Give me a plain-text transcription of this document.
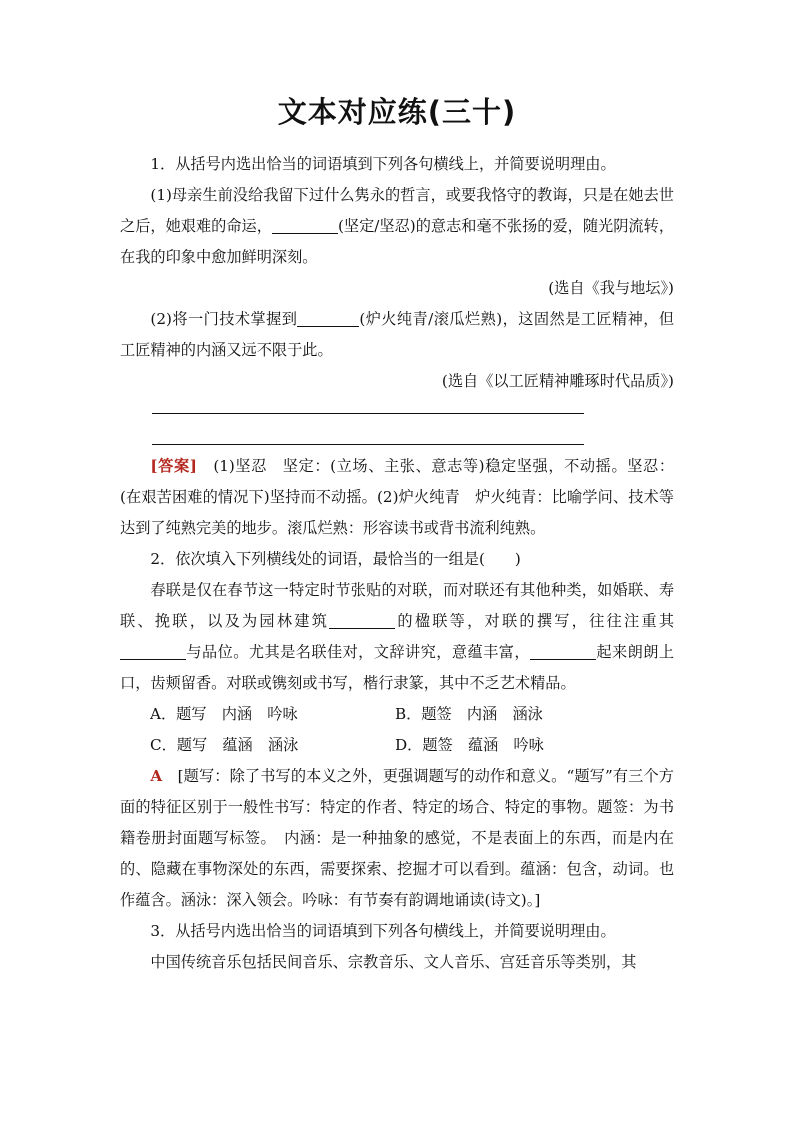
文本对应练(三十)

1．从括号内选出恰当的词语填到下列各句横线上，并简要说明理由。

(1)母亲生前没给我留下过什么隽永的哲言，或要我恪守的教诲，只是在她去世之后，她艰难的命运，	(坚定/坚忍)的意志和毫不张扬的爱，随光阴流转，在我的印象中愈加鲜明深刻。

(选自《我与地坛》)

(2)将一门技术掌握到	(炉火纯青/滚瓜烂熟)，这固然是工匠精神，但工匠精神的内涵又远不限于此。

(选自《以工匠精神雕琢时代品质》)

[答案]　(1)坚忍　坚定：(立场、主张、意志等)稳定坚强，不动摇。坚忍：(在艰苦困难的情况下)坚持而不动摇。(2)炉火纯青　炉火纯青：比喻学问、技术等达到了纯熟完美的地步。滚瓜烂熟：形容读书或背书流利纯熟。

2．依次填入下列横线处的词语，最恰当的一组是( )

春联是仅在春节这一特定时节张贴的对联，而对联还有其他种类，如婚联、寿联、挽联，以及为园林建筑	的楹联等，对联的撰写，往往注重其与品位。尤其是名联佳对，文辞讲究，意蕴丰富，	起来朗朗上口，齿颊留香。对联或镌刻或书写，楷行隶篆，其中不乏艺术精品。

A．题写　内涵　吟咏	B．题签　内涵　涵泳
C．题写　蕴涵　涵泳	D．题签　蕴涵　吟咏

A　[题写：除了书写的本义之外，更强调题写的动作和意义。“题写”有三个方面的特征区别于一般性书写：特定的作者、特定的场合、特定的事物。题签：为书籍卷册封面题写标签。　内涵：是一种抽象的感觉，不是表面上的东西，而是内在的、隐藏在事物深处的东西，需要探索、挖掘才可以看到。蕴涵：包含，动词。也作蕴含。涵泳：深入领会。吟咏：有节奏有韵调地诵读(诗文)。]

3．从括号内选出恰当的词语填到下列各句横线上，并简要说明理由。

中国传统音乐包括民间音乐、宗教音乐、文人音乐、宫廷音乐等类别，其
